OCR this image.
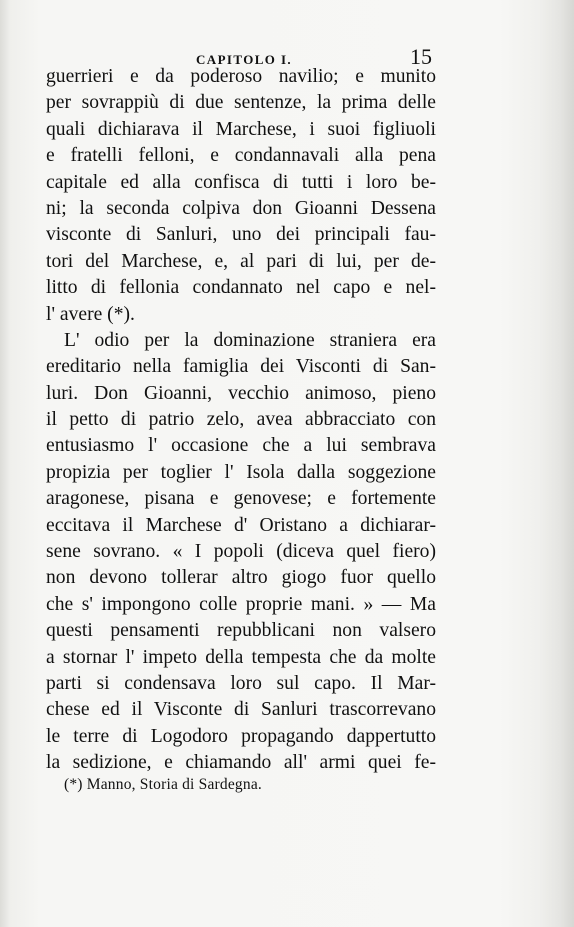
CAPITOLO I.	15
guerrieri e da poderoso navilio; e munito
per sovrappiù di due sentenze, la prima delle
quali dichiarava il Marchese, i suoi figliuoli
e fratelli felloni, e condannavali alla pena
capitale ed alla confisca di tutti i loro be-
ni; la seconda colpiva don Gioanni Dessena
visconte di Sanluri, uno dei principali fau-
tori del Marchese, e, al pari di lui, per de-
litto di fellonia condannato nel capo e nel-
l' avere (*).
L' odio per la dominazione straniera era
ereditario nella famiglia dei Visconti di San-
luri. Don Gioanni, vecchio animoso, pieno
il petto di patrio zelo, avea abbracciato con
entusiasmo l' occasione che a lui sembrava
propizia per toglier l' Isola dalla soggezione
aragonese, pisana e genovese; e fortemente
eccitava il Marchese d' Oristano a dichiarar-
sene sovrano. « I popoli (diceva quel fiero)
non devono tollerar altro giogo fuor quello
che s' impongono colle proprie mani. » — Ma
questi pensamenti repubblicani non valsero
a stornar l' impeto della tempesta che da molte
parti si condensava loro sul capo. Il Mar-
chese ed il Visconte di Sanluri trascorrevano
le terre di Logodoro propagando dappertutto
la sedizione, e chiamando all' armi quei fe-
(*) Manno, Storia di Sardegna.
